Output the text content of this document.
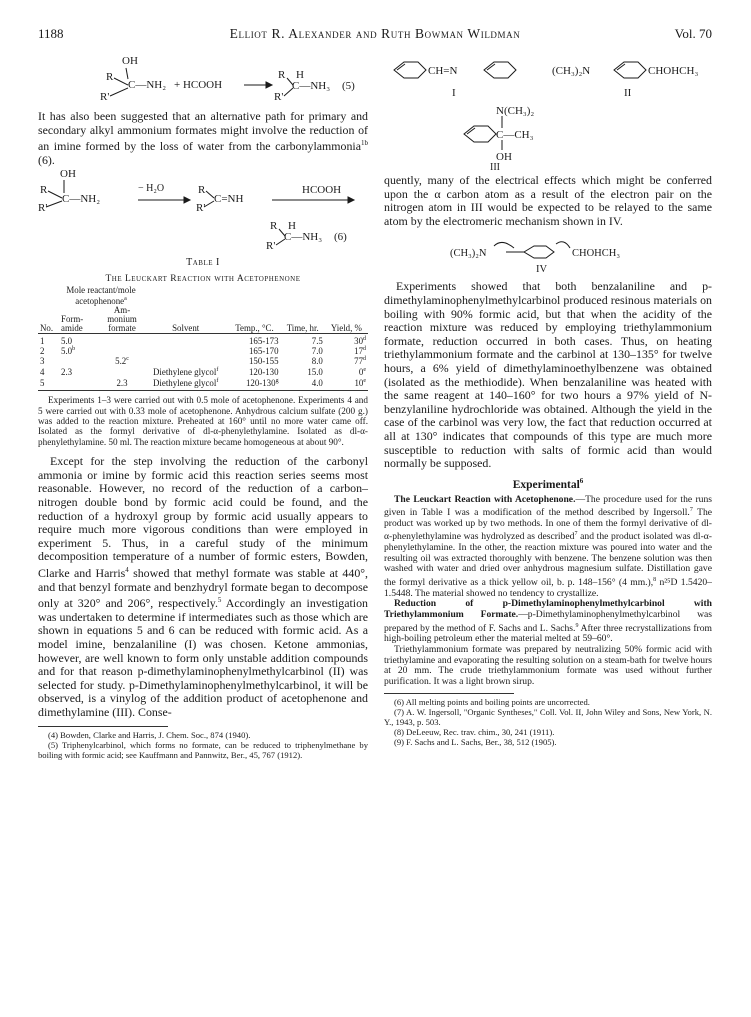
1188	Elliot R. Alexander and Ruth Bowman Wildman	Vol. 70
OH
R
R'
C—NH₂ + HCOOH
R H
R'
C—NH₃ (5)

It has also been suggested that an alternative path for primary and secondary alkyl ammonium formates might involve the reduction of an imine formed by the loss of water from the carbonylammonia$^{1b}$ (6).

OH
R
R'
C—NH₂
− H₂O	R
R'
C=NH
HCOOH
R H
R'
C—NH₃ (6)
Table I
The Leuckart Reaction with Acetophenone
	Mole reactant/mole acetophenone$^a$	
No.	Form-amide	Am-monium formate	Solvent	Temp., °C.	Time, hr.	Yield, %

1	5.0			165-173	7.5	30$^d$
2	5.0$^b$			165-170	7.0	17$^d$
3		5.2$^c$		150-155	8.0	77$^d$
4	2.3		Diethylene glycol$^f$	120-130	15.0	0e
5		2.3	Diethylene glycol$^f$	120-130$^g$	4.0	10e

Experiments 1–3 were carried out with 0.5 mole of acetophenone. Experiments 4 and 5 were carried out with 0.33 mole of acetophenone. Anhydrous calcium sulfate (200 g.) was added to the reaction mixture. Preheated at 160° until no more water came off. Isolated as the formyl derivative of dl-α-phenylethylamine. Isolated as dl-α-phenylethylamine. 50 ml. The reaction mixture became homogeneous at about 90°.

Except for the step involving the reduction of the carbonyl ammonia or imine by formic acid this reaction series seems most reasonable. However, no record of the reduction of a carbon–nitrogen double bond by formic acid could be found, and the reduction of a hydroxyl group by formic acid usually appears to require much more vigorous conditions than were employed in experiment 5. Thus, in a careful study of the minimum decomposition temperature of a number of formic esters, Bowden, Clarke and Harris$^4$ showed that methyl formate was stable at 440°, and that benzyl formate and benzhydryl formate began to decompose only at 320° and 206°, respectively.$^5$ Accordingly an investigation was undertaken to determine if intermediates such as those which are shown in equations 5 and 6 can be reduced with formic acid. As a model imine, benzalaniline (I) was chosen. Ketone ammonias, however, are well known to form only unstable addition compounds and for that reason p-dimethylaminophenylmethylcarbinol (II) was selected for study. p-Dimethylaminophenylmethylcarbinol, it will be observed, is a vinylog of the addition product of acetophenone and dimethylamine (III). Conse-

(4) Bowden, Clarke and Harris, J. Chem. Soc., 874 (1940).

(5) Triphenylcarbinol, which forms no formate, can be reduced to triphenylmethane by boiling with formic acid; see Kauffmann and Pannwitz, Ber., 45, 767 (1912).

CH=N
I
(CH₃)₂N	CHOHCH₃
II
N(CH₃)₂
C—CH₃
OH
III

quently, many of the electrical effects which might be conferred upon the α carbon atom as a result of the electron pair on the nitrogen atom in III would be expected to be relayed to the same atom by the electromeric mechanism shown in IV.

(CH₃)₂N	CHOHCH₃
IV

Experiments showed that both benzalaniline and p-dimethylaminophenylmethylcarbinol produced resinous materials on boiling with 90% formic acid, but that when the acidity of the reaction mixture was reduced by employing triethylammonium formate, reduction occurred in both cases. Thus, on heating triethylammonium formate and the carbinol at 130–135° for twelve hours, a 6% yield of dimethylaminoethylbenzene was obtained (isolated as the methiodide). When benzalaniline was heated with the same reagent at 140–160° for two hours a 97% yield of N-benzylaniline hydrochloride was obtained. Although the yield in the case of the carbinol was very low, the fact that reduction occurred at all at 130° indicates that compounds of this type are much more susceptible to reduction with salts of formic acid than would normally be supposed.

Experimental$^6$

The Leuckart Reaction with Acetophenone.—The procedure used for the runs given in Table I was a modification of the method described by Ingersoll.$^7$ The product was worked up by two methods. In one of them the formyl derivative of dl-α-phenylethylamine was hydrolyzed as described$^7$ and the product isolated was dl-α-phenylethylamine. In the other, the reaction mixture was poured into water and the resulting oil was extracted thoroughly with benzene. The benzene solution was then washed with water and dried over anhydrous magnesium sulfate. Distillation gave the formyl derivative as a thick yellow oil, b. p. 148–156° (4 mm.),$^8$ n²⁵D 1.5420–1.5448. The material showed no tendency to crystallize.

Reduction of p-Dimethylaminophenylmethylcarbinol with Triethylammonium Formate.—p-Dimethylaminophenylmethylcarbinol was prepared by the method of F. Sachs and L. Sachs.$^9$ After three recrystallizations from high-boiling petroleum ether the material melted at 59–60°.

Triethylammonium formate was prepared by neutralizing 50% formic acid with triethylamine and evaporating the resulting solution on a steam-bath for twelve hours at 20 mm. The crude triethylammonium formate was used without further purification. It was a light brown sirup.

(6) All melting points and boiling points are uncorrected.

(7) A. W. Ingersoll, "Organic Syntheses," Coll. Vol. II, John Wiley and Sons, New York, N. Y., 1943, p. 503.

(8) DeLeeuw, Rec. trav. chim., 30, 241 (1911).

(9) F. Sachs and L. Sachs, Ber., 38, 512 (1905).
